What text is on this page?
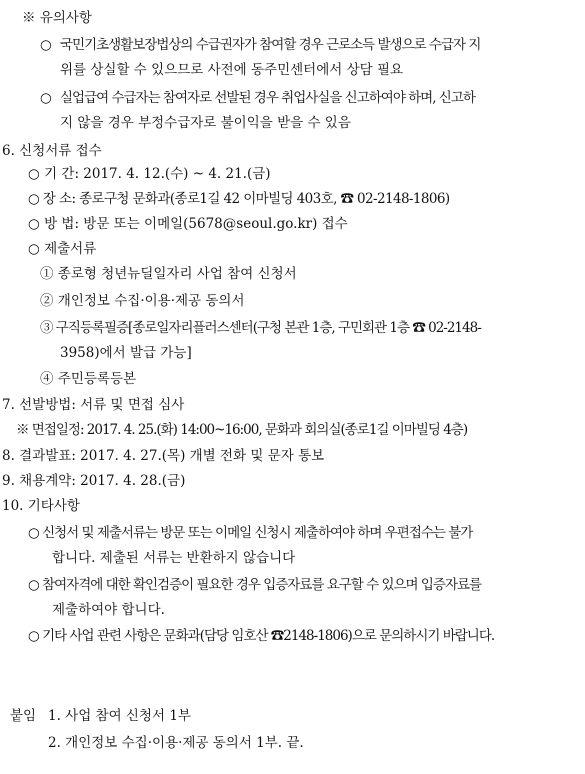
※ 유의사항
○ 국민기초생활보장법상의 수급권자가 참여할 경우 근로소득 발생으로 수급자 지
위를 상실할 수 있으므로 사전에 동주민센터에서 상담 필요
○ 실업급여 수급자는 참여자로 선발된 경우 취업사실을 신고하여야 하며, 신고하
지 않을 경우 부정수급자로 불이익을 받을 수 있음
6. 신청서류 접수
○ 기 간: 2017. 4. 12.(수) ~ 4. 21.(금)
○ 장 소: 종로구청 문화과(종로1길 42 이마빌딩 403호, ☎ 02-2148-1806)
○ 방 법: 방문 또는 이메일(5678@seoul.go.kr) 접수
○ 제출서류
① 종로형 청년뉴딜일자리 사업 참여 신청서
② 개인정보 수집·이용·제공 동의서
③ 구직등록필증[종로일자리플러스센터(구청 본관 1층, 구민회관 1층 ☎ 02-2148-
3958)에서 발급 가능]
④ 주민등록등본
7. 선발방법: 서류 및 면접 심사
※ 면접일정: 2017. 4. 25.(화) 14:00~16:00, 문화과 회의실(종로1길 이마빌딩 4층)
8. 결과발표: 2017. 4. 27.(목) 개별 전화 및 문자 통보
9. 채용계약: 2017. 4. 28.(금)
10. 기타사항
○ 신청서 및 제출서류는 방문 또는 이메일 신청시 제출하여야 하며 우편접수는 불가
합니다. 제출된 서류는 반환하지 않습니다
○ 참여자격에 대한 확인검증이 필요한 경우 입증자료를 요구할 수 있으며 입증자료를
제출하여야 합니다.
○ 기타 사업 관련 사항은 문화과(담당 임호산 ☎2148-1806)으로 문의하시기 바랍니다.
붙임 1. 사업 참여 신청서 1부
2. 개인정보 수집·이용·제공 동의서 1부. 끝.
